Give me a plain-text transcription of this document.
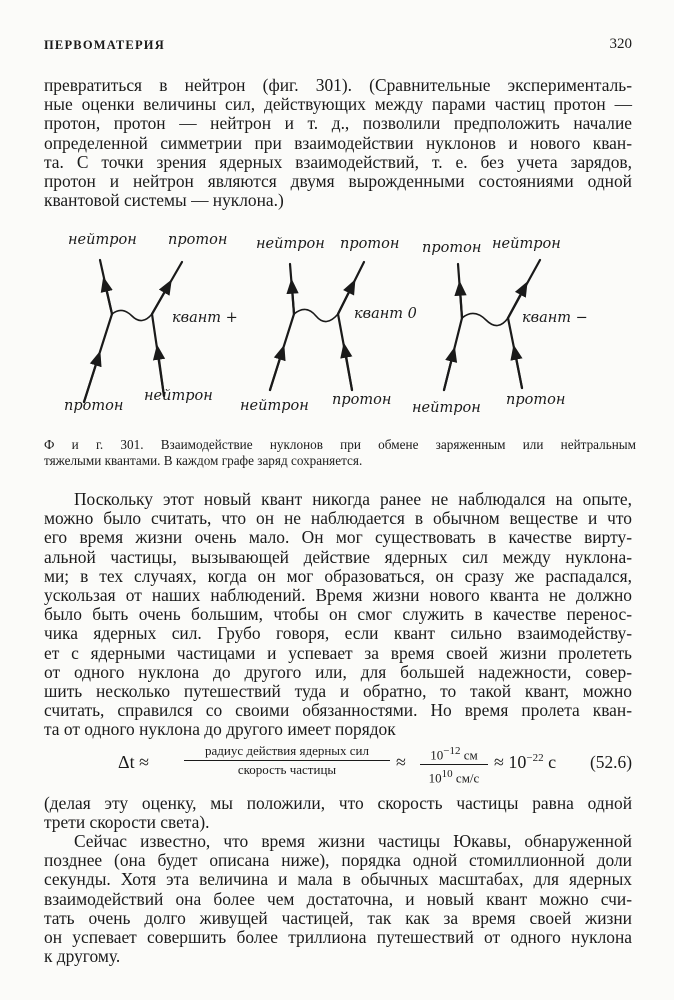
ПЕРВОМАТЕРИЯ	320

превратиться в нейтрон (фиг. 301). (Сравнительные эксперименталь-
ные оценки величины сил, действующих между парами частиц протон —
протон, протон — нейтрон и т. д., позволили предположить началие
определенной симметрии при взаимодействии нуклонов и нового кван-
та. С точки зрения ядерных взаимодействий, т. е. без учета зарядов,
протон и нейтрон являются двумя вырожденными состояниями одной
квантовой системы — нуклона.)

нейтрон протон
квант +
нейтрон
протон
нейтрон протон
квант 0
нейтрон протон
протон нейтрон
квант −
нейтрон протон
Ф и г. 301. Взаимодействие нуклонов при обмене заряженным или нейтральным
тяжелыми квантами. В каждом графе заряд сохраняется.

Поскольку этот новый квант никогда ранее не наблюдался на опыте,
можно было считать, что он не наблюдается в обычном веществе и что
его время жизни очень мало. Он мог существовать в качестве вирту-
альной частицы, вызывающей действие ядерных сил между нуклона-
ми; в тех случаях, когда он мог образоваться, он сразу же распадался,
ускользая от наших наблюдений. Время жизни нового кванта не должно
было быть очень большим, чтобы он смог служить в качестве перенос-
чика ядерных сил. Грубо говоря, если квант сильно взаимодейству-
ет с ядерными частицами и успевает за время своей жизни пролететь
от одного нуклона до другого или, для большей надежности, совер-
шить несколько путешествий туда и обратно, то такой квант, можно
считать, справился со своими обязанностями. Но время пролета кван-
та от одного нуклона до другого имеет порядок

Δt ≈
радиус действия ядерных сил
скорость частицы	≈	$10^{-12}$ см
$10^{10}$ см/с
≈ $10^{-22}$ с (52.6)

(делая эту оценку, мы положили, что скорость частицы равна одной
трети скорости света).

Сейчас известно, что время жизни частицы Юкавы, обнаруженной
позднее (она будет описана ниже), порядка одной стомиллионной доли
секунды. Хотя эта величина и мала в обычных масштабах, для ядерных
взаимодействий она более чем достаточна, и новый квант можно счи-
тать очень долго живущей частицей, так как за время своей жизни
он успевает совершить более триллиона путешествий от одного нуклона
к другому.
